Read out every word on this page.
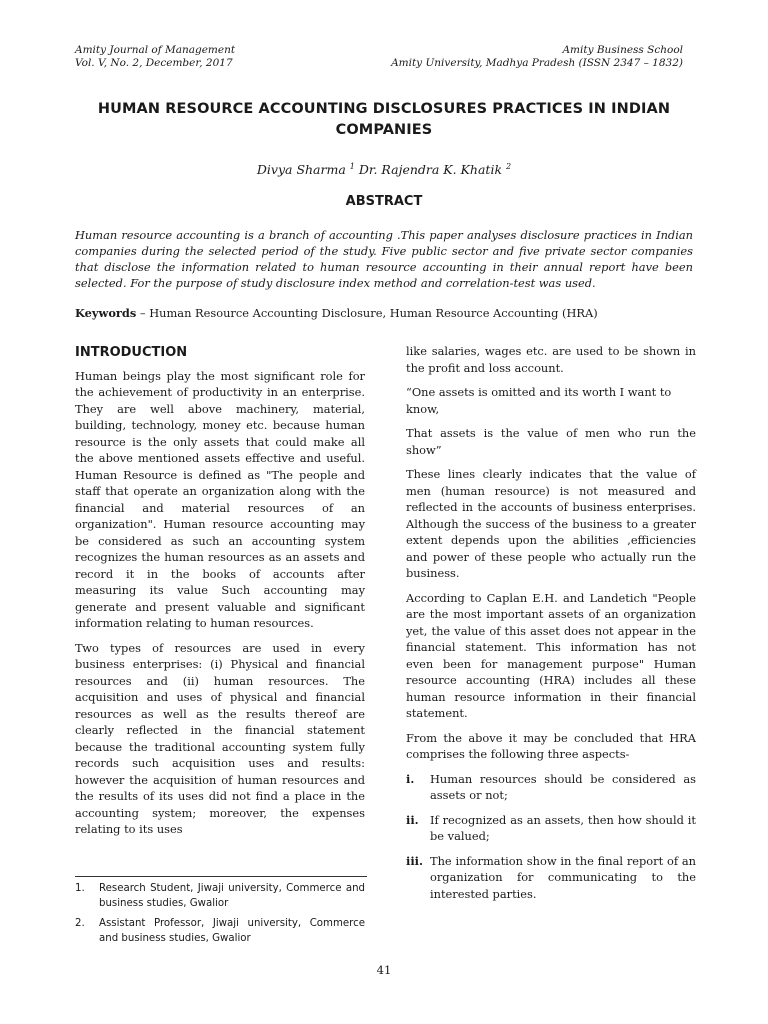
Amity Journal of Management
Vol. V, No. 2, December, 2017
Amity Business School
Amity University, Madhya Pradesh (ISSN 2347 – 1832)
HUMAN RESOURCE ACCOUNTING DISCLOSURES PRACTICES IN INDIAN COMPANIES
Divya Sharma $^1$ Dr. Rajendra K. Khatik $^2$
ABSTRACT
Human resource accounting is a branch of accounting .This paper analyses disclosure practices in Indian companies during the selected period of the study. Five public sector and five private sector companies that disclose the information related to human resource accounting in their annual report have been selected. For the purpose of study disclosure index method and correlation-test was used.
Keywords – Human Resource Accounting Disclosure, Human Resource Accounting (HRA)
INTRODUCTION

Human beings play the most significant role for the achievement of productivity in an enterprise. They are well above machinery, material, building, technology, money etc. because human resource is the only assets that could make all the above mentioned assets effective and useful. Human Resource is defined as "The people and staff that operate an organization along with the financial and material resources of an organization". Human resource accounting may be considered as such an accounting system recognizes the human resources as an assets and record it in the books of accounts after measuring its value Such accounting may generate and present valuable and significant information relating to human resources.

Two types of resources are used in every business enterprises: (i) Physical and financial resources and (ii) human resources. The acquisition and uses of physical and financial resources as well as the results thereof are clearly reflected in the financial statement because the traditional accounting system fully records such acquisition uses and results: however the acquisition of human resources and the results of its uses did not find a place in the accounting system; moreover, the expenses relating to its uses

like salaries, wages etc. are used to be shown in the profit and loss account.

“One assets is omitted and its worth I want to know,

That assets is the value of men who run the show”

These lines clearly indicates that the value of men (human resource) is not measured and reflected in the accounts of business enterprises. Although the success of the business to a greater extent depends upon the abilities ,efficiencies and power of these people who actually run the business.

According to Caplan E.H. and Landetich "People are the most important assets of an organization yet, the value of this asset does not appear in the financial statement. This information has not even been for management purpose" Human resource accounting (HRA) includes all these human resource information in their financial statement.

From the above it may be concluded that HRA comprises the following three aspects-

i.	Human resources should be considered as assets or not;
ii. If recognized as an assets, then how should it be valued;
iii. The information show in the final report of an organization for communicating to the interested parties.
1.	Research Student, Jiwaji university, Commerce and business studies, Gwalior
2.	Assistant Professor, Jiwaji university, Commerce and business studies, Gwalior
41
